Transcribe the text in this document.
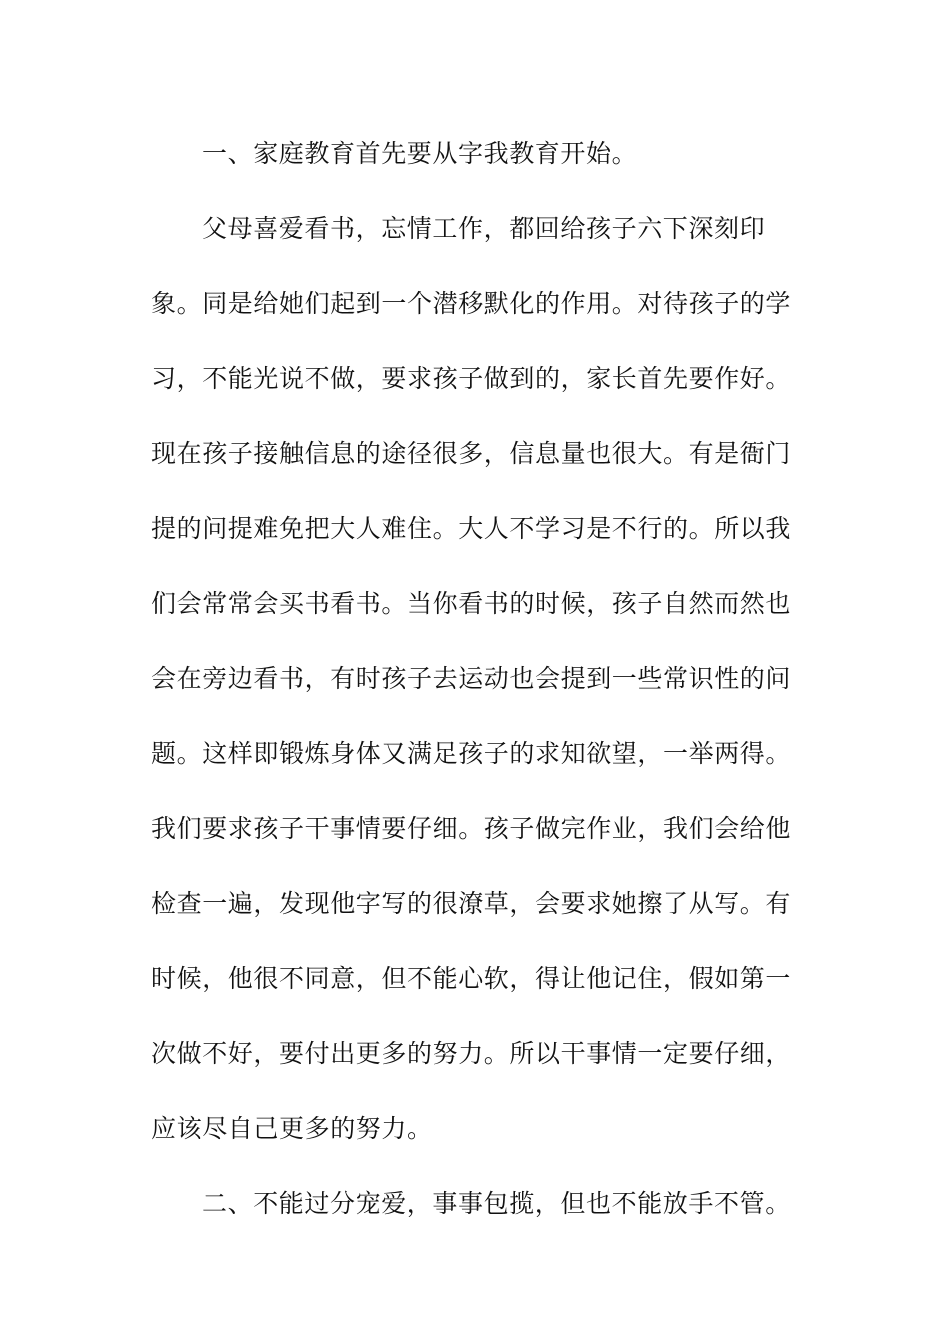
一、家庭教育首先要从字我教育开始。
父母喜爱看书，忘情工作，都回给孩子六下深刻印
象。同是给她们起到一个潜移默化的作用。对待孩子的学
习，不能光说不做，要求孩子做到的，家长首先要作好。
现在孩子接触信息的途径很多，信息量也很大。有是衙门
提的问提难免把大人难住。大人不学习是不行的。所以我
们会常常会买书看书。当你看书的时候，孩子自然而然也
会在旁边看书，有时孩子去运动也会提到一些常识性的问
题。这样即锻炼身体又满足孩子的求知欲望，一举两得。
我们要求孩子干事情要仔细。孩子做完作业，我们会给他
检查一遍，发现他字写的很潦草，会要求她擦了从写。有
时候，他很不同意，但不能心软，得让他记住，假如第一
次做不好，要付出更多的努力。所以干事情一定要仔细，
应该尽自己更多的努力。
二、不能过分宠爱，事事包揽，但也不能放手不管。
